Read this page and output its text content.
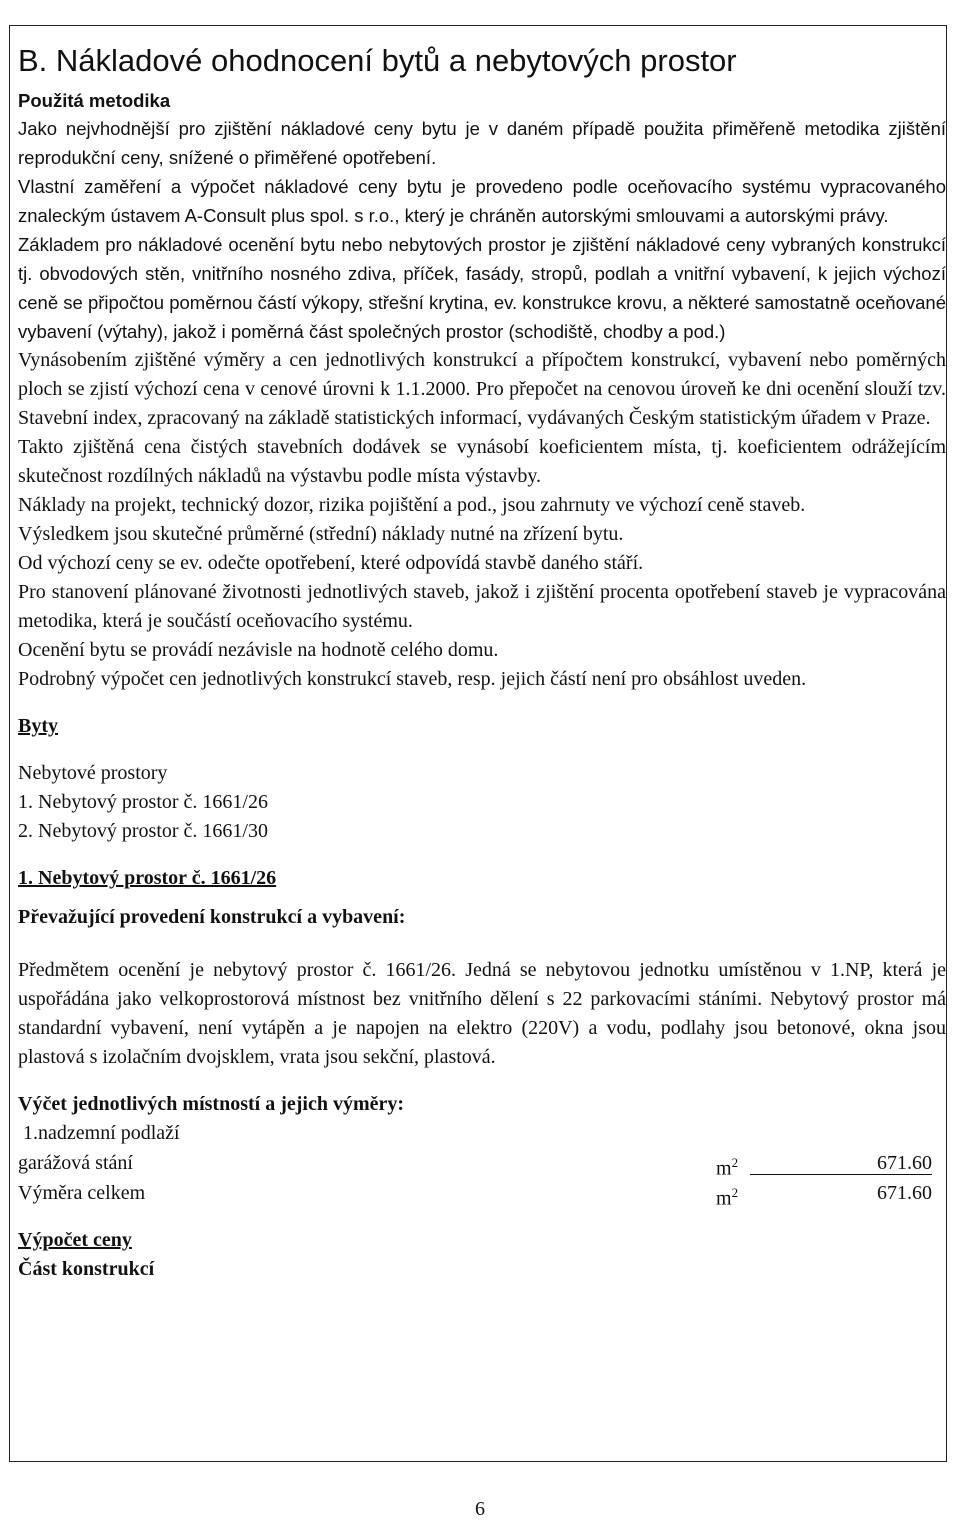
B. Nákladové ohodnocení bytů a nebytových prostor
Použitá metodika

Jako nejvhodnější pro zjištění nákladové ceny bytu je v daném případě použita přiměřeně metodika zjištění reprodukční ceny, snížené o přiměřené opotřebení.

Vlastní zaměření a výpočet nákladové ceny bytu je provedeno podle oceňovacího systému vypracovaného znaleckým ústavem A-Consult plus spol. s r.o., který je chráněn autorskými smlouvami a autorskými právy.

Základem pro nákladové ocenění bytu nebo nebytových prostor je zjištění nákladové ceny vybraných konstrukcí tj. obvodových stěn, vnitřního nosného zdiva, příček, fasády, stropů, podlah a vnitřní vybavení, k jejich výchozí ceně se připočtou poměrnou částí výkopy, střešní krytina, ev. konstrukce krovu, a některé samostatně oceňované vybavení (výtahy), jakož i poměrná část společných prostor (schodiště, chodby a pod.)

Vynásobením zjištěné výměry a cen jednotlivých konstrukcí a přípočtem konstrukcí, vybavení nebo poměrných ploch se zjistí výchozí cena v cenové úrovni k 1.1.2000. Pro přepočet na cenovou úroveň ke dni ocenění slouží tzv. Stavební index, zpracovaný na základě statistických informací, vydávaných Českým statistickým úřadem v Praze.

Takto zjištěná cena čistých stavebních dodávek se vynásobí koeficientem místa, tj. koeficientem odrážejícím skutečnost rozdílných nákladů na výstavbu podle místa výstavby.

Náklady na projekt, technický dozor, rizika pojištění a pod., jsou zahrnuty ve výchozí ceně staveb.

Výsledkem jsou skutečné průměrné (střední) náklady nutné na zřízení bytu.

Od výchozí ceny se ev. odečte opotřebení, které odpovídá stavbě daného stáří.

Pro stanovení plánované životnosti jednotlivých staveb, jakož i zjištění procenta opotřebení staveb je vypracována metodika, která je součástí oceňovacího systému.

Ocenění bytu se provádí nezávisle na hodnotě celého domu.

Podrobný výpočet cen jednotlivých konstrukcí staveb, resp. jejich částí není pro obsáhlost uveden.

Byty
Nebytové prostory
1. Nebytový prostor č. 1661/26
2. Nebytový prostor č. 1661/30
1. Nebytový prostor č. 1661/26
Převažující provedení konstrukcí a vybavení:

Předmětem ocenění je nebytový prostor č. 1661/26. Jedná se nebytovou jednotku umístěnou v 1.NP, která je uspořádána jako velkoprostorová místnost bez vnitřního dělení s 22 parkovacími stáními. Nebytový prostor má standardní vybavení, není vytápěn a je napojen na elektro (220V) a vodu, podlahy jsou betonové, okna jsou plastová s izolačním dvojsklem, vrata jsou sekční, plastová.

Výčet jednotlivých místností a jejich výměry:
1.nadzemní podlaží
garážová stání	$m^2$	671.60
Výměra celkem	$m^2$	671.60
Výpočet ceny
Část konstrukcí
6
